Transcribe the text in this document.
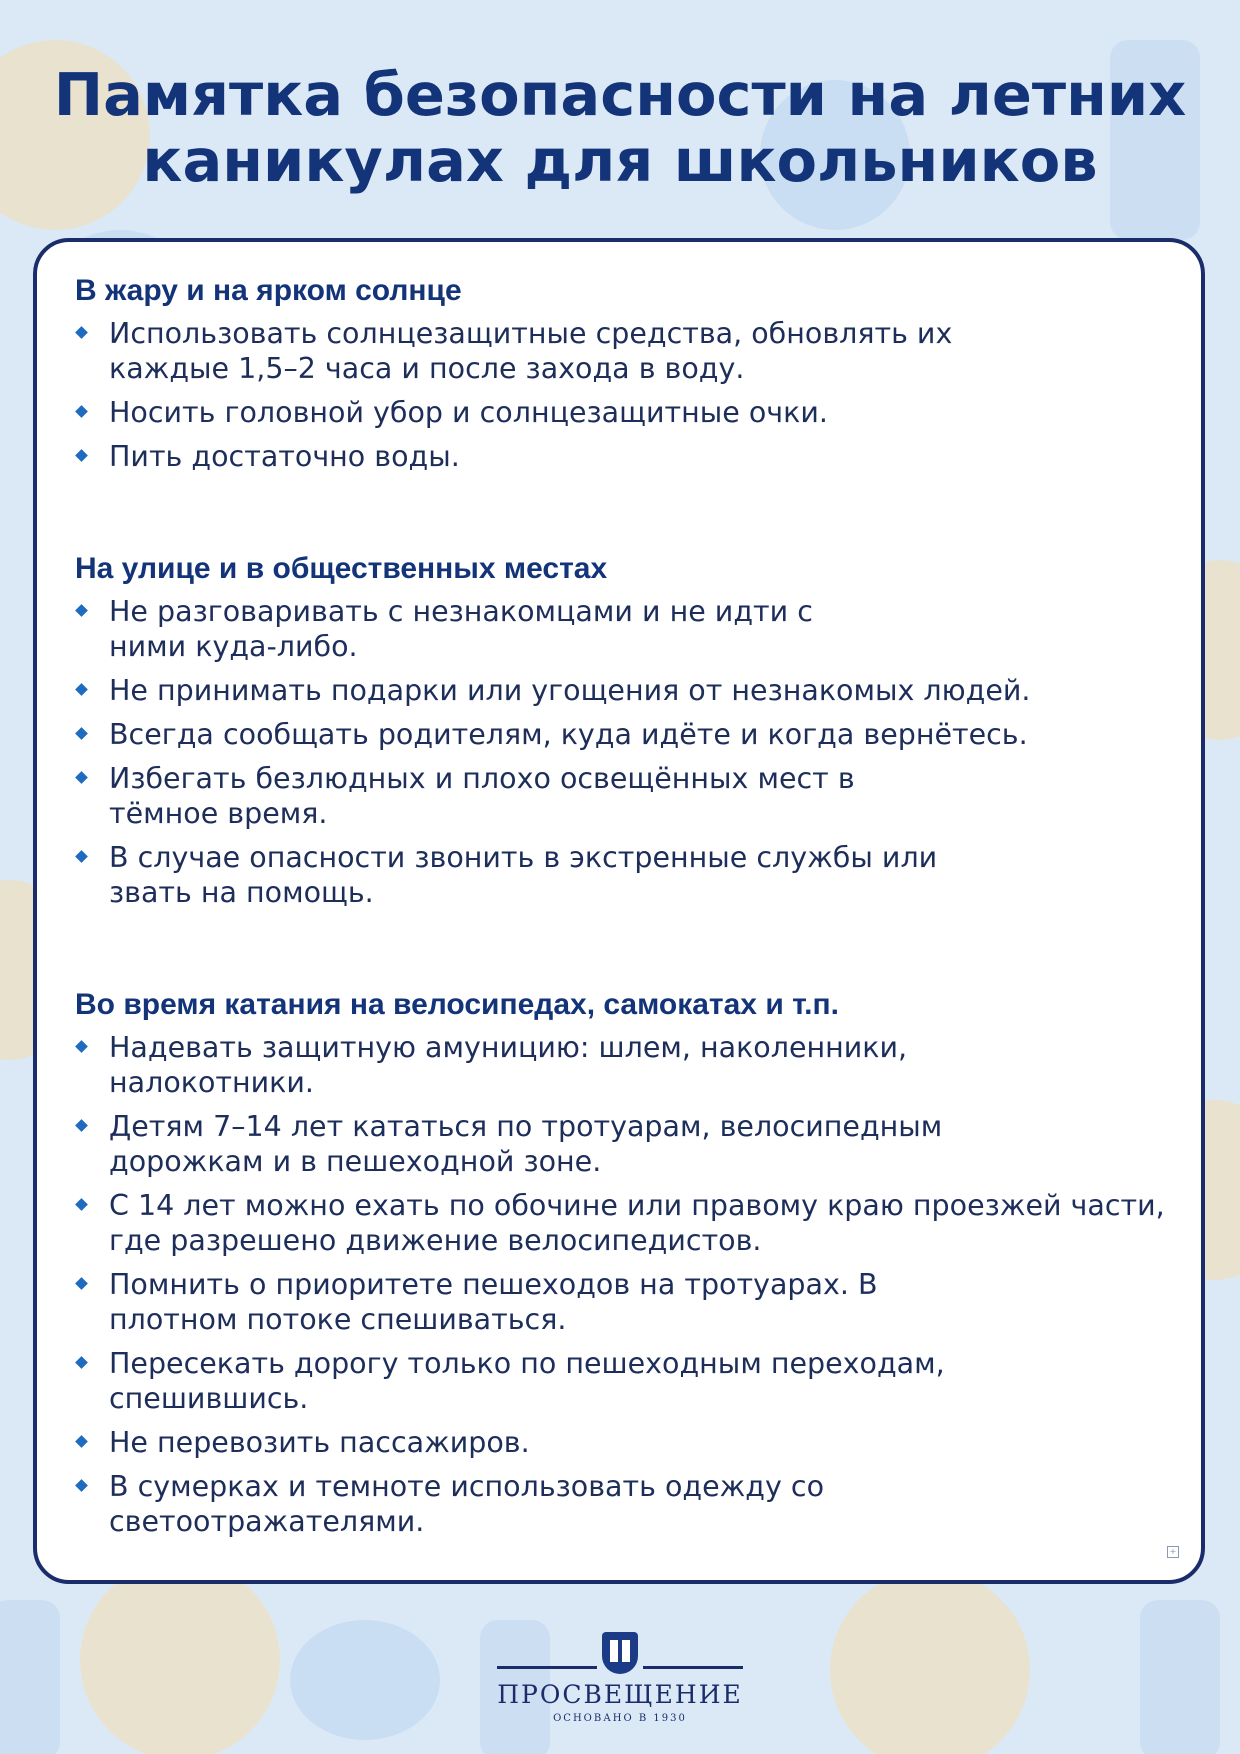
Памятка безопасности на летних каникулах для школьников
В жару и на ярком солнце
Использовать солнцезащитные средства, обновлять их каждые 1,5–2 часа и после захода в воду.
Носить головной убор и солнцезащитные очки.
Пить достаточно воды.
На улице и в общественных местах
Не разговаривать с незнакомцами и не идти с ними куда-либо.
Не принимать подарки или угощения от незнакомых людей.
Всегда сообщать родителям, куда идёте и когда вернётесь.
Избегать безлюдных и плохо освещённых мест в тёмное время.
В случае опасности звонить в экстренные службы или звать на помощь.
Во время катания на велосипедах, самокатах и т.п.
Надевать защитную амуницию: шлем, наколенники, налокотники.
Детям 7–14 лет кататься по тротуарам, велосипедным дорожкам и в пешеходной зоне.
С 14 лет можно ехать по обочине или правому краю проезжей части, где разрешено движение велосипедистов.
Помнить о приоритете пешеходов на тротуарах. В плотном потоке спешиваться.
Пересекать дорогу только по пешеходным переходам, спешившись.
Не перевозить пассажиров.
В сумерках и темноте использовать одежду со светоотражателями.
+
ПРОСВЕЩЕНИЕ
ОСНОВАНО В 1930
